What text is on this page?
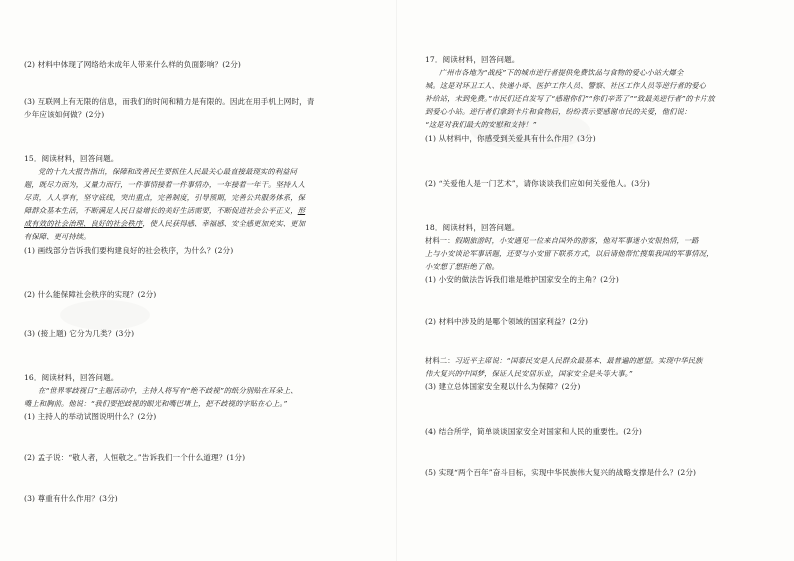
(2) 材料中体现了网络给未成年人带来什么样的负面影响？(2分)
(3) 互联网上有无限的信息，而我们的时间和精力是有限的。因此在用手机上网时，青
少年应该如何做？(2分)
15．阅读材料，回答问题。
党的十九大报告指出，保障和改善民生要抓住人民最关心最直接最现实的利益问
题，既尽力而为，又量力而行，一件事情接着一件事情办，一年接着一年干。坚持人人
尽责，人人享有，坚守底线，突出重点，完善制度，引导预期，完善公共服务体系，保
障群众基本生活，不断满足人民日益增长的美好生活需要，不断促进社会公平正义，形
成有效的社会治理、良好的社会秩序，使人民获得感、幸福感、安全感更加充实、更加
有保障、更可持续。
(1) 画线部分告诉我们要构建良好的社会秩序，为什么？(2分)
(2) 什么能保障社会秩序的实现？(2分)
(3) (接上题) 它分为几类？(3分)
16．阅读材料，回答问题。
在“世界零歧视日”主题活动中，主持人将写有“绝不歧视”的纸分别贴在耳朵上、
嘴上和胸前。他说：“我们要把歧视的眼光和嘴巴堵上，把不歧视的字贴在心上。”
(1) 主持人的举动试图说明什么？(2分)
(2) 孟子说：“敬人者，人恒敬之。”告诉我们一个什么道理？(1分)
(3) 尊重有什么作用？(3分)
17．阅读材料，回答问题。
广州市各地为“战疫”下的城市逆行者提供免费饮品与食物的爱心小站大爆全
城。这是对环卫工人、快递小哥、医护工作人员、警察、社区工作人员等逆行者的爱心
补给站，未到免费。”市民们还自发写了“感谢你们”“你们辛苦了”“致最美逆行者”的卡片放
到爱心小站。逆行者们拿到卡片和食物后，纷纷表示要感谢市民的关爱，他们说：
“这是对我们最大的安慰和支持！”
(1) 从材料中，你感受到关爱具有什么作用？(3分)
(2) “关爱他人是一门艺术”，请你谈谈我们应如何关爱他人。(3分)
18．阅读材料，回答问题。
材料一：假期旅游时，小安遇见一位来自国外的游客，他对军事迷小安很热情，一路
上与小安谈论军事话题，还要与小安留下联系方式，以后请他帮忙搜集我国的军事情况，
小安想了想拒绝了他。
(1) 小安的做法告诉我们谁是维护国家安全的主角？(2分)
(2) 材料中涉及的是哪个领域的国家利益？(2分)
材料二：习近平主席说：“国泰民安是人民群众最基本、最普遍的愿望。实现中华民族
伟大复兴的中国梦，保证人民安居乐业，国家安全是头等大事。”
(3) 建立总体国家安全观以什么为保障？(2分)
(4) 结合所学，简单谈谈国家安全对国家和人民的重要性。(2分)
(5) 实现“两个百年”奋斗目标，实现中华民族伟大复兴的战略支撑是什么？(2分)
